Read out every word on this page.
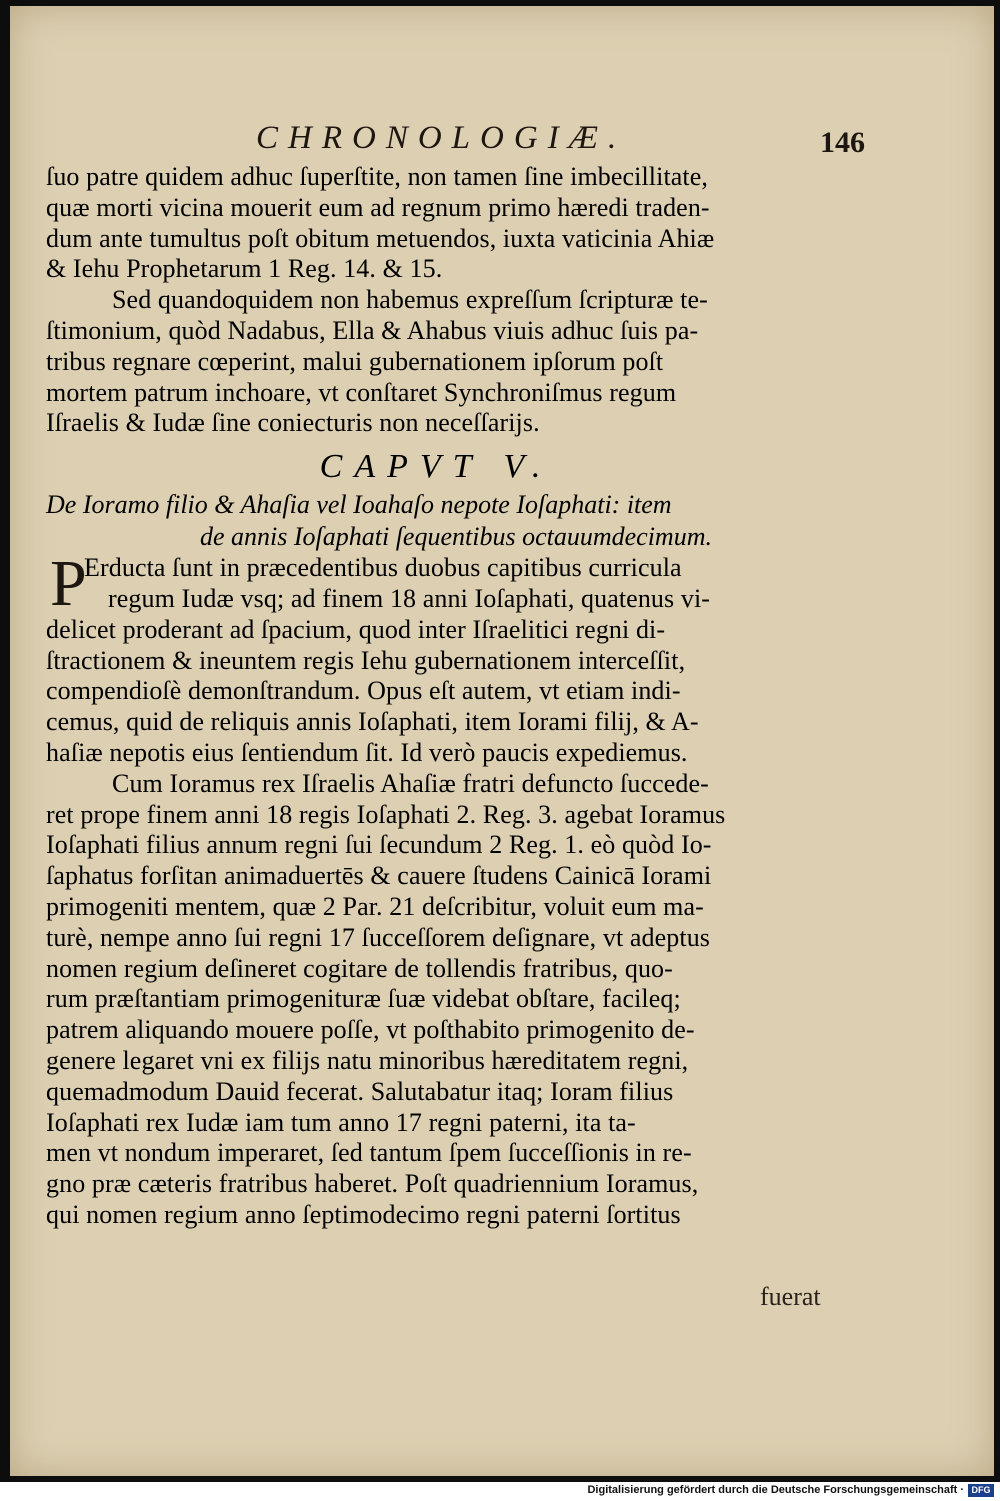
CHRONOLOGIÆ.	146
ſuo patre quidem adhuc ſuperſtite, non tamen ſine imbecillitate,
quæ morti vicina mouerit eum ad regnum primo hæredi traden-
dum ante tumultus poſt obitum metuendos, iuxta vaticinia Ahiæ
& Iehu Prophetarum 1 Reg. 14. & 15.
Sed quandoquidem non habemus expreſſum ſcripturæ te-
ſtimonium, quòd Nadabus, Ella & Ahabus viuis adhuc ſuis pa-
tribus regnare cœperint, malui gubernationem ipſorum poſt
mortem patrum inchoare, vt conſtaret Synchroniſmus regum
Iſraelis & Iudæ ſine coniecturis non neceſſarijs.
CAPVT V.
De Ioramo filio & Ahaſia vel Ioahaſo nepote Ioſaphati: item
de annis Ioſaphati ſequentibus octauumdecimum.
P
Erducta ſunt in præcedentibus duobus capitibus curricula
regum Iudæ vsq; ad finem 18 anni Ioſaphati, quatenus vi-
delicet proderant ad ſpacium, quod inter Iſraelitici regni di-
ſtractionem & ineuntem regis Iehu gubernationem interceſſit,
compendioſè demonſtrandum. Opus eſt autem, vt etiam indi-
cemus, quid de reliquis annis Ioſaphati, item Iorami filij, & A-
haſiæ nepotis eius ſentiendum ſit. Id verò paucis expediemus.
Cum Ioramus rex Iſraelis Ahaſiæ fratri defuncto ſuccede-
ret prope finem anni 18 regis Ioſaphati 2. Reg. 3. agebat Ioramus
Ioſaphati filius annum regni ſui ſecundum 2 Reg. 1. eò quòd Io-
ſaphatus forſitan animaduertēs & cauere ſtudens Cainicā Iorami
primogeniti mentem, quæ 2 Par. 21 deſcribitur, voluit eum ma-
turè, nempe anno ſui regni 17 ſucceſſorem deſignare, vt adeptus
nomen regium deſineret cogitare de tollendis fratribus, quo-
rum præſtantiam primogenituræ ſuæ videbat obſtare, facileq;
patrem aliquando mouere poſſe, vt poſthabito primogenito de-
genere legaret vni ex filijs natu minoribus hæreditatem regni,
quemadmodum Dauid fecerat. Salutabatur itaq; Ioram filius
Ioſaphati rex Iudæ iam tum anno 17 regni paterni, ita ta-
men vt nondum imperaret, ſed tantum ſpem ſucceſſionis in re-
gno præ cæteris fratribus haberet. Poſt quadriennium Ioramus,
qui nomen regium anno ſeptimodecimo regni paterni ſortitus
fuerat
Digitalisierung gefördert durch die Deutsche Forschungsgemeinschaft · DFG
